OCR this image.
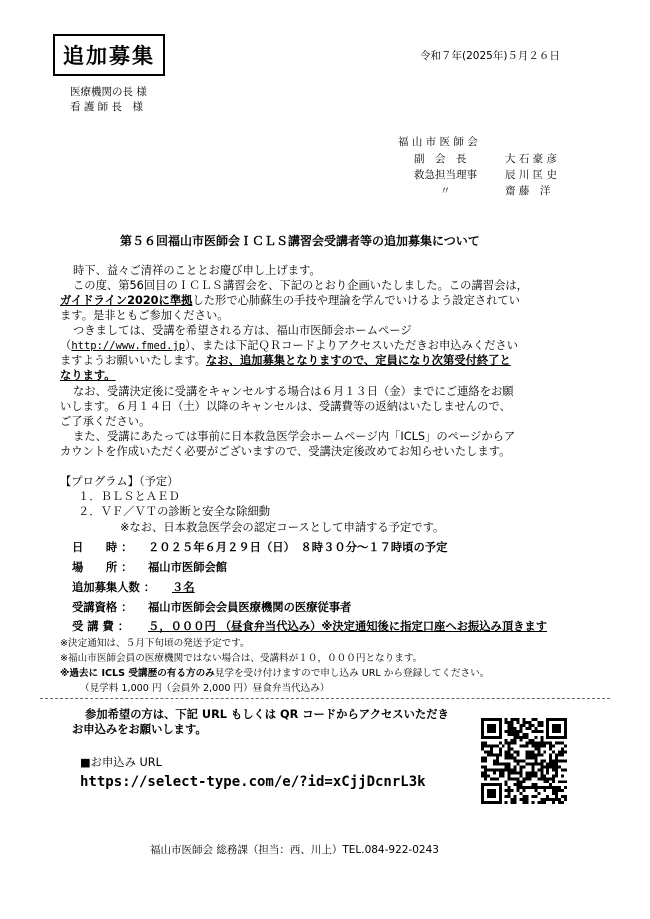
追加募集	令和７年(2025年)５月２６日
医療機関の長 様
看 護 師 長　様
福 山 市 医 師 会
副　会　長	大 石 豪 彦
救急担当理事	辰 川 匡 史
〃	齋 藤　洋
第５６回福山市医師会ＩＣＬＳ講習会受講者等の追加募集について
時下、益々ご清祥のこととお慶び申し上げます。
この度、第56回目のＩＣＬＳ講習会を、下記のとおり企画いたしました。この講習会は，
ガイドライン2020に準拠した形で心肺蘇生の手技や理論を学んでいけるよう設定されてい
ます。是非ともご参加ください。
つきましては、受講を希望される方は、福山市医師会ホームページ
（http://www.fmed.jp）、または下記ＱＲコードよりアクセスいただきお申込みください
ますようお願いいたします。なお、追加募集となりますので、定員になり次第受付終了と
なります。
なお、受講決定後に受講をキャンセルする場合は６月１３日（金）までにご連絡をお願
いします。６月１４日（土）以降のキャンセルは、受講費等の返納はいたしませんので、
ご了承ください。
また、受講にあたっては事前に日本救急医学会ホームページ内「ICLS」のページからア
カウントを作成いただく必要がございますので、受講決定後改めてお知らせいたします。
【プログラム】（予定）
１．ＢＬＳとＡＥＤ
２．ＶＦ／ＶＴの診断と安全な除細動
※なお、日本救急医学会の認定コースとして申請する予定です。
日　　時 ： ２０２５年６月２９日（日）　８時３０分～１７時頃の予定
場　　所 ： 福山市医師会館
追加募集人数 ： ３名
受講資格 ： 福山市医師会会員医療機関の医療従事者
受 講 費 ： ５，０００円 （昼食弁当代込み）※決定通知後に指定口座へお振込み頂きます
※決定通知は、５月下旬頃の発送予定です。
※福山市医師会員の医療機関ではない場合は、受講料が１０，０００円となります。
※過去に ICLS 受講歴の有る方のみ見学を受け付けますので申し込み URL から登録してください。
（見学料 1,000 円（会員外 2,000 円）昼食弁当代込み）
参加希望の方は、下記 URL もしくは QR コードからアクセスいただき
お申込みをお願いします。
■お申込み URL
https://select-type.com/e/?id=xCjjDcnrL3k
福山市医師会 総務課（担当：西、川上）TEL.084-922-0243
